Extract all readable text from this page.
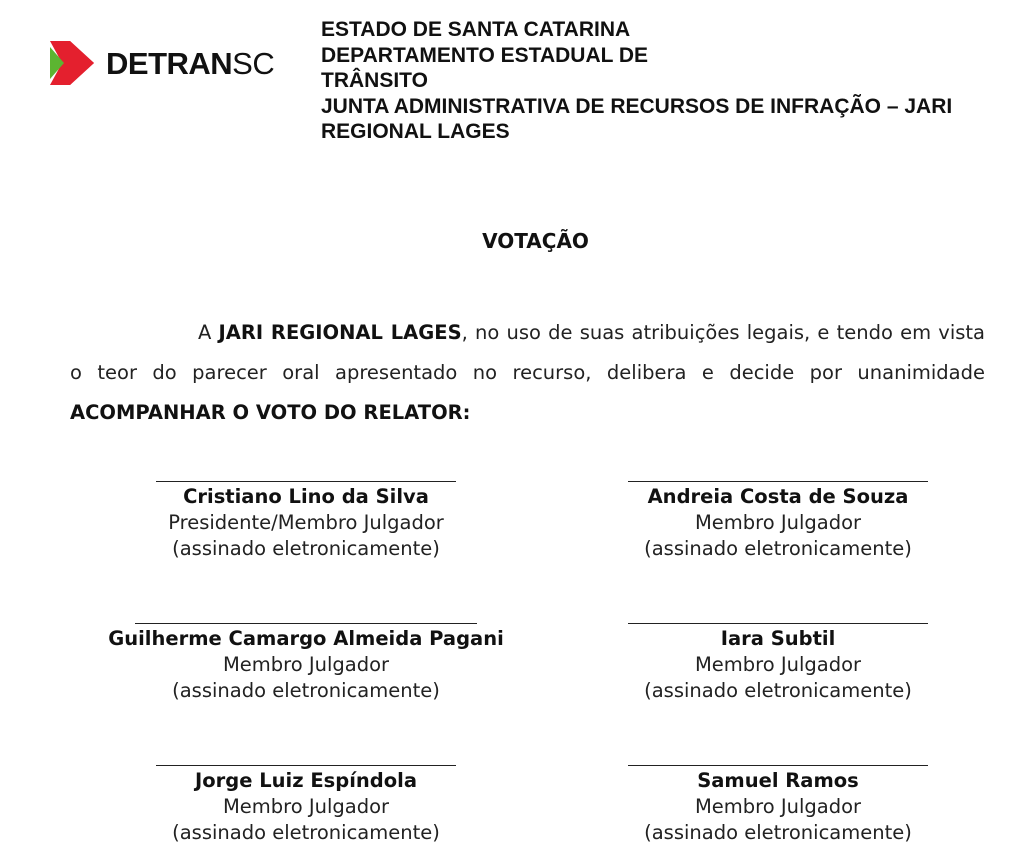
DETRANSC
ESTADO DE SANTA CATARINA
DEPARTAMENTO ESTADUAL DE
TRÂNSITO
JUNTA ADMINISTRATIVA DE RECURSOS DE INFRAÇÃO – JARI
REGIONAL LAGES
VOTAÇÃO
A JARI REGIONAL LAGES, no uso de suas atribuições legais, e tendo em vista o teor do parecer oral apresentado no recurso, delibera e decide por unanimidade ACOMPANHAR O VOTO DO RELATOR:
Cristiano Lino da Silva
Presidente/Membro Julgador
(assinado eletronicamente)
Andreia Costa de Souza
Membro Julgador
(assinado eletronicamente)
Guilherme Camargo Almeida Pagani
Membro Julgador
(assinado eletronicamente)
Iara Subtil
Membro Julgador
(assinado eletronicamente)
Jorge Luiz Espíndola
Membro Julgador
(assinado eletronicamente)
Samuel Ramos
Membro Julgador
(assinado eletronicamente)
